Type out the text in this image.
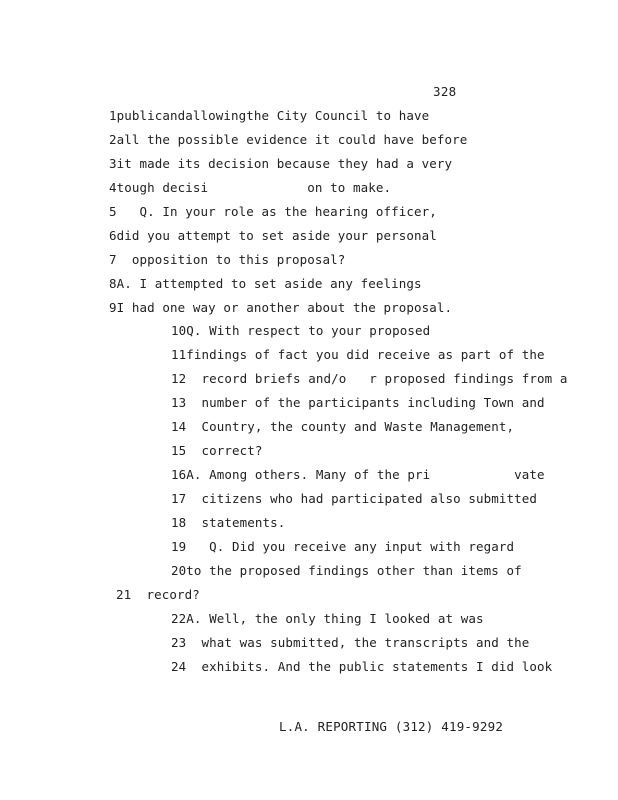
328
1publicandallowingthe City Council to have
2all the possible evidence it could have before
3it made its decision because they had a very
4tough decisi             on to make.
5   Q. In your role as the hearing officer,
6did you attempt to set aside your personal
7  opposition to this proposal?
8A. I attempted to set aside any feelings
9I had one way or another about the proposal.
10Q. With respect to your proposed
11findings of fact you did receive as part of the
12  record briefs and/o   r proposed findings from a
13  number of the participants including Town and
14  Country, the county and Waste Management,
15  correct?
16A. Among others. Many of the pri           vate
17  citizens who had participated also submitted
18  statements.
19   Q. Did you receive any input with regard
20to the proposed findings other than items of
21  record?
22A. Well, the only thing I looked at was
23  what was submitted, the transcripts and the
24  exhibits. And the public statements I did look
L.A. REPORTING (312) 419-9292
